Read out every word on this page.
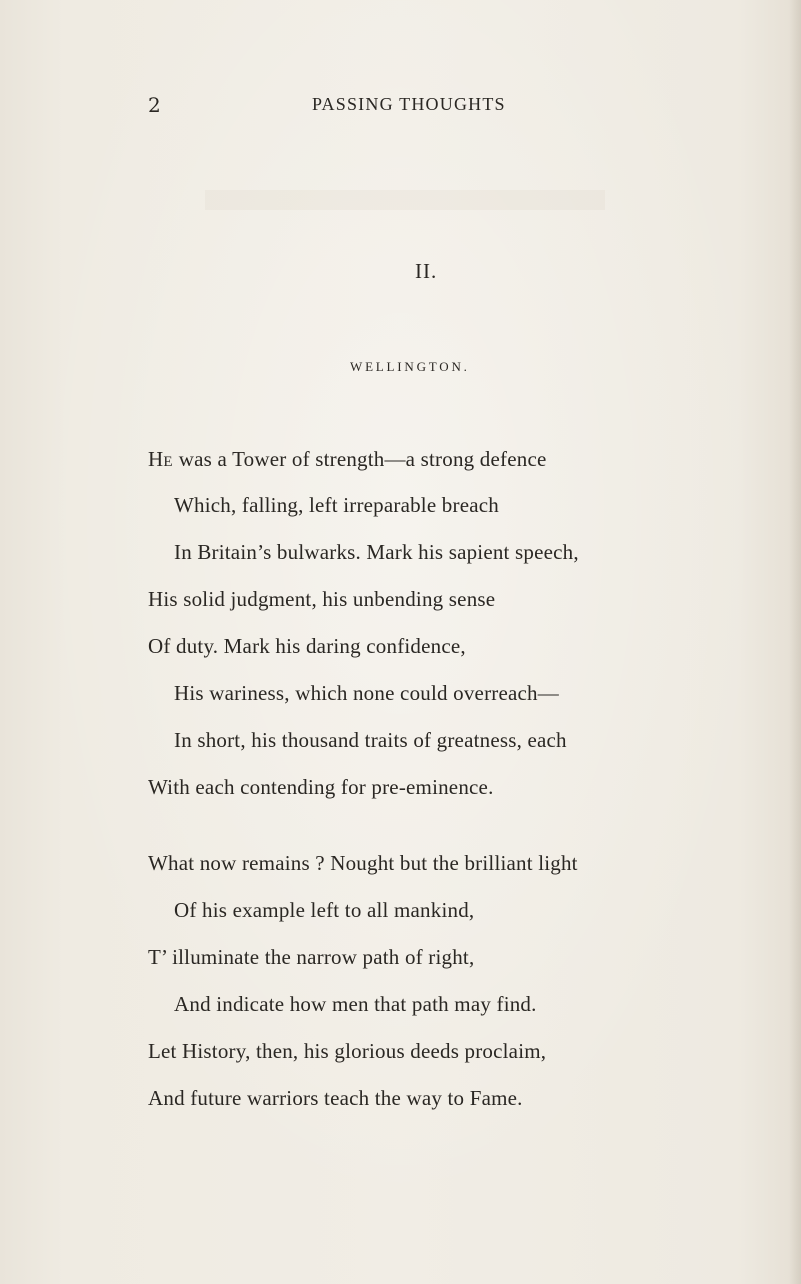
2	PASSING THOUGHTS
II.
WELLINGTON.
HE was a Tower of strength—a strong defence
Which, falling, left irreparable breach
In Britain’s bulwarks. Mark his sapient speech,
His solid judgment, his unbending sense
Of duty. Mark his daring confidence,
His wariness, which none could overreach—
In short, his thousand traits of greatness, each
With each contending for pre-eminence.
What now remains ? Nought but the brilliant light
Of his example left to all mankind,
T’ illuminate the narrow path of right,
And indicate how men that path may find.
Let History, then, his glorious deeds proclaim,
And future warriors teach the way to Fame.
